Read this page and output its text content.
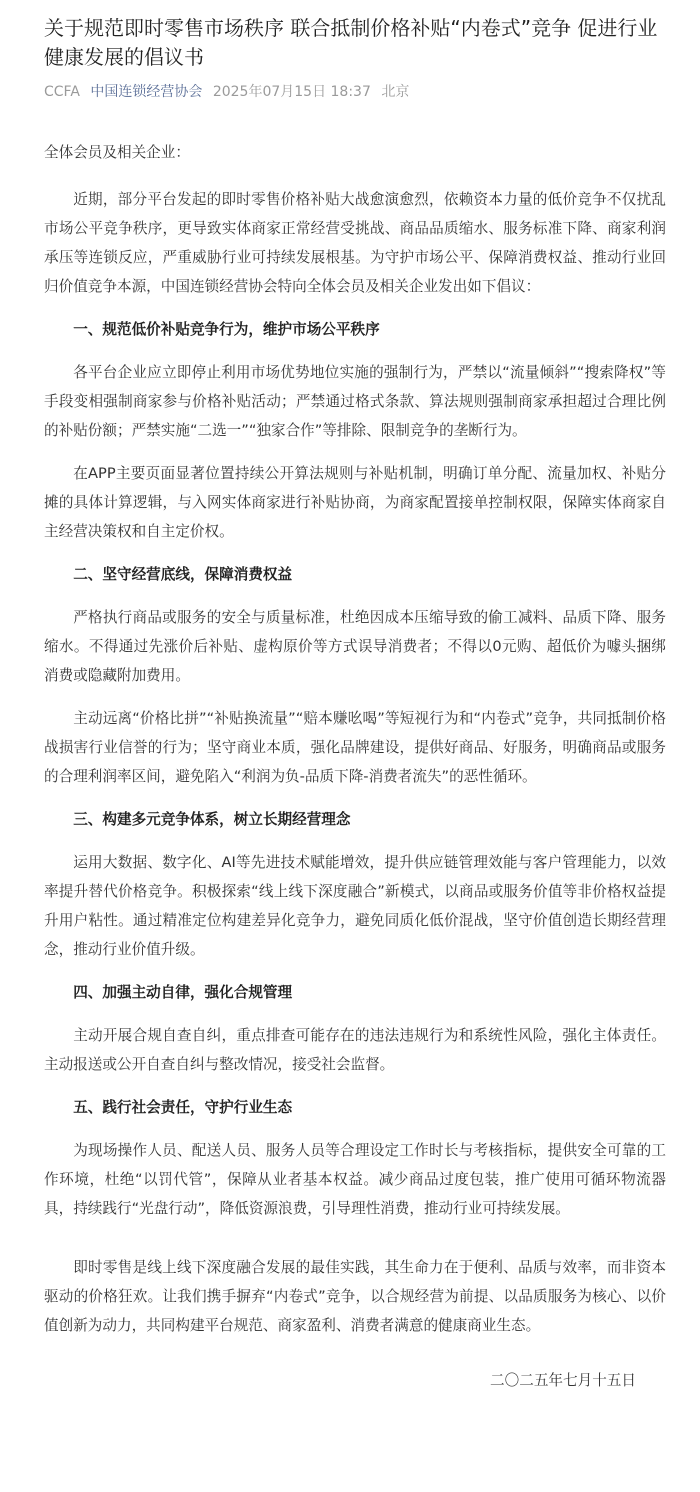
关于规范即时零售市场秩序 联合抵制价格补贴“内卷式”竞争 促进行业健康发展的倡议书
CCFA 中国连锁经营协会 2025年07月15日 18:37 北京

全体会员及相关企业：

近期，部分平台发起的即时零售价格补贴大战愈演愈烈，依赖资本力量的低价竞争不仅扰乱市场公平竞争秩序，更导致实体商家正常经营受挑战、商品品质缩水、服务标准下降、商家利润承压等连锁反应，严重威胁行业可持续发展根基。为守护市场公平、保障消费权益、推动行业回归价值竞争本源，中国连锁经营协会特向全体会员及相关企业发出如下倡议：

一、规范低价补贴竞争行为，维护市场公平秩序

各平台企业应立即停止利用市场优势地位实施的强制行为，严禁以“流量倾斜”“搜索降权”等手段变相强制商家参与价格补贴活动；严禁通过格式条款、算法规则强制商家承担超过合理比例的补贴份额；严禁实施“二选一”“独家合作”等排除、限制竞争的垄断行为。

在APP主要页面显著位置持续公开算法规则与补贴机制，明确订单分配、流量加权、补贴分摊的具体计算逻辑，与入网实体商家进行补贴协商，为商家配置接单控制权限，保障实体商家自主经营决策权和自主定价权。

二、坚守经营底线，保障消费权益

严格执行商品或服务的安全与质量标准，杜绝因成本压缩导致的偷工减料、品质下降、服务缩水。不得通过先涨价后补贴、虚构原价等方式误导消费者；不得以0元购、超低价为噱头捆绑消费或隐藏附加费用。

主动远离“价格比拼”“补贴换流量”“赔本赚吆喝”等短视行为和“内卷式”竞争，共同抵制价格战损害行业信誉的行为；坚守商业本质，强化品牌建设，提供好商品、好服务，明确商品或服务的合理利润率区间，避免陷入“利润为负-品质下降-消费者流失”的恶性循环。

三、构建多元竞争体系，树立长期经营理念

运用大数据、数字化、AI等先进技术赋能增效，提升供应链管理效能与客户管理能力，以效率提升替代价格竞争。积极探索“线上线下深度融合”新模式，以商品或服务价值等非价格权益提升用户粘性。通过精准定位构建差异化竞争力，避免同质化低价混战，坚守价值创造长期经营理念，推动行业价值升级。

四、加强主动自律，强化合规管理

主动开展合规自查自纠，重点排查可能存在的违法违规行为和系统性风险，强化主体责任。主动报送或公开自查自纠与整改情况，接受社会监督。

五、践行社会责任，守护行业生态

为现场操作人员、配送人员、服务人员等合理设定工作时长与考核指标，提供安全可靠的工作环境，杜绝“以罚代管”，保障从业者基本权益。减少商品过度包装，推广使用可循环物流器具，持续践行“光盘行动”，降低资源浪费，引导理性消费，推动行业可持续发展。

即时零售是线上线下深度融合发展的最佳实践，其生命力在于便利、品质与效率，而非资本驱动的价格狂欢。让我们携手摒弃“内卷式”竞争，以合规经营为前提、以品质服务为核心、以价值创新为动力，共同构建平台规范、商家盈利、消费者满意的健康商业生态。

二〇二五年七月十五日
